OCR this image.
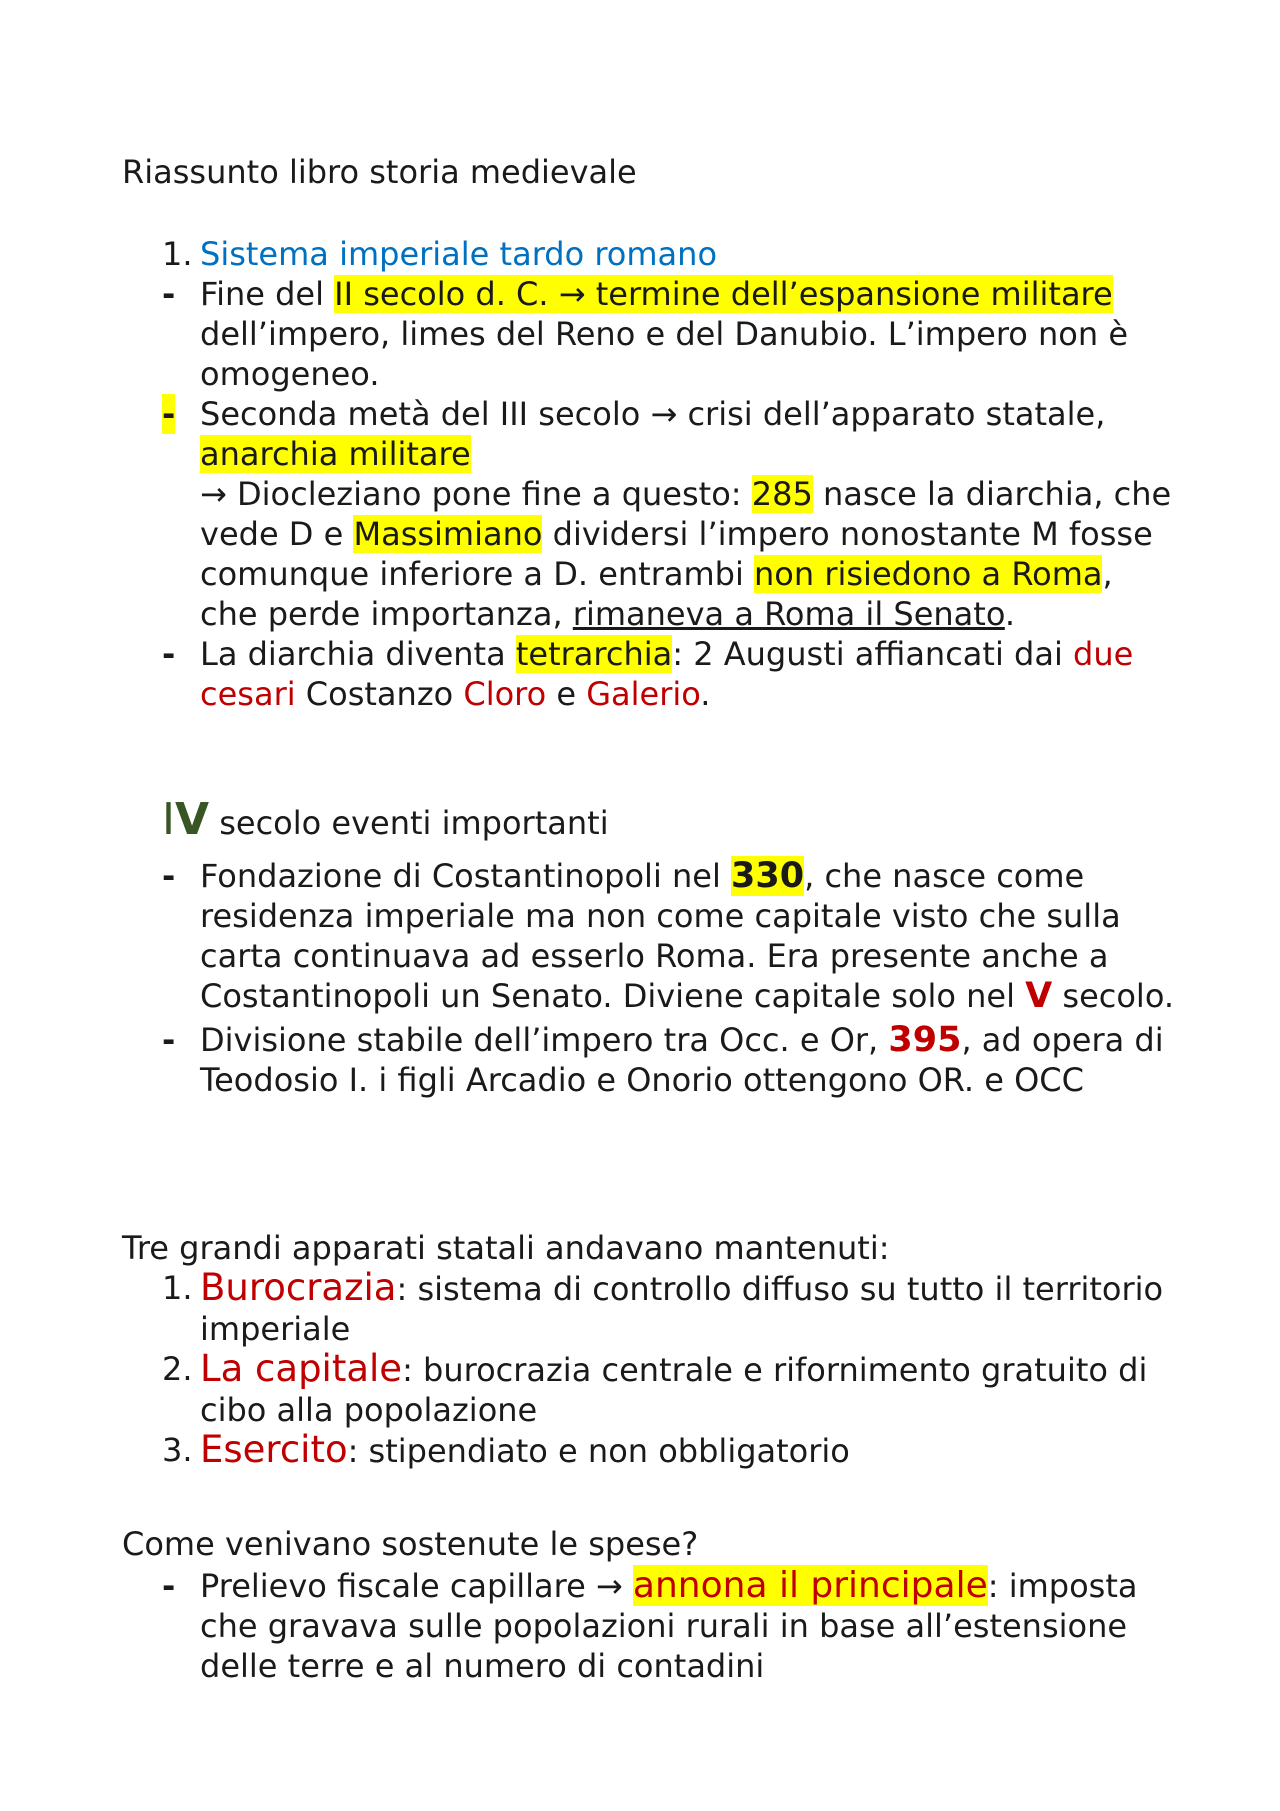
Riassunto libro storia medievale

1. Sistema imperiale tardo romano

- Fine del II secolo d. C. → termine dell’espansione militare dell’impero, limes del Reno e del Danubio. L’impero non è omogeneo.

- Seconda metà del III secolo → crisi dell’apparato statale, anarchia militare
→ Diocleziano pone fine a questo: 285 nasce la diarchia, che vede D e Massimiano dividersi l’impero nonostante M fosse comunque inferiore a D. entrambi non risiedono a Roma, che perde importanza, rimaneva a Roma il Senato.

- La diarchia diventa tetrarchia: 2 Augusti affiancati dai due cesari Costanzo Cloro e Galerio.

IV secolo eventi importanti

- Fondazione di Costantinopoli nel 330, che nasce come residenza imperiale ma non come capitale visto che sulla carta continuava ad esserlo Roma. Era presente anche a Costantinopoli un Senato. Diviene capitale solo nel V secolo.

- Divisione stabile dell’impero tra Occ. e Or, 395, ad opera di Teodosio I. i figli Arcadio e Onorio ottengono OR. e OCC

Tre grandi apparati statali andavano mantenuti:

1. Burocrazia: sistema di controllo diffuso su tutto il territorio imperiale

2. La capitale: burocrazia centrale e rifornimento gratuito di cibo alla popolazione

3. Esercito: stipendiato e non obbligatorio

Come venivano sostenute le spese?

- Prelievo fiscale capillare → annona il principale: imposta che gravava sulle popolazioni rurali in base all’estensione delle terre e al numero di contadini
